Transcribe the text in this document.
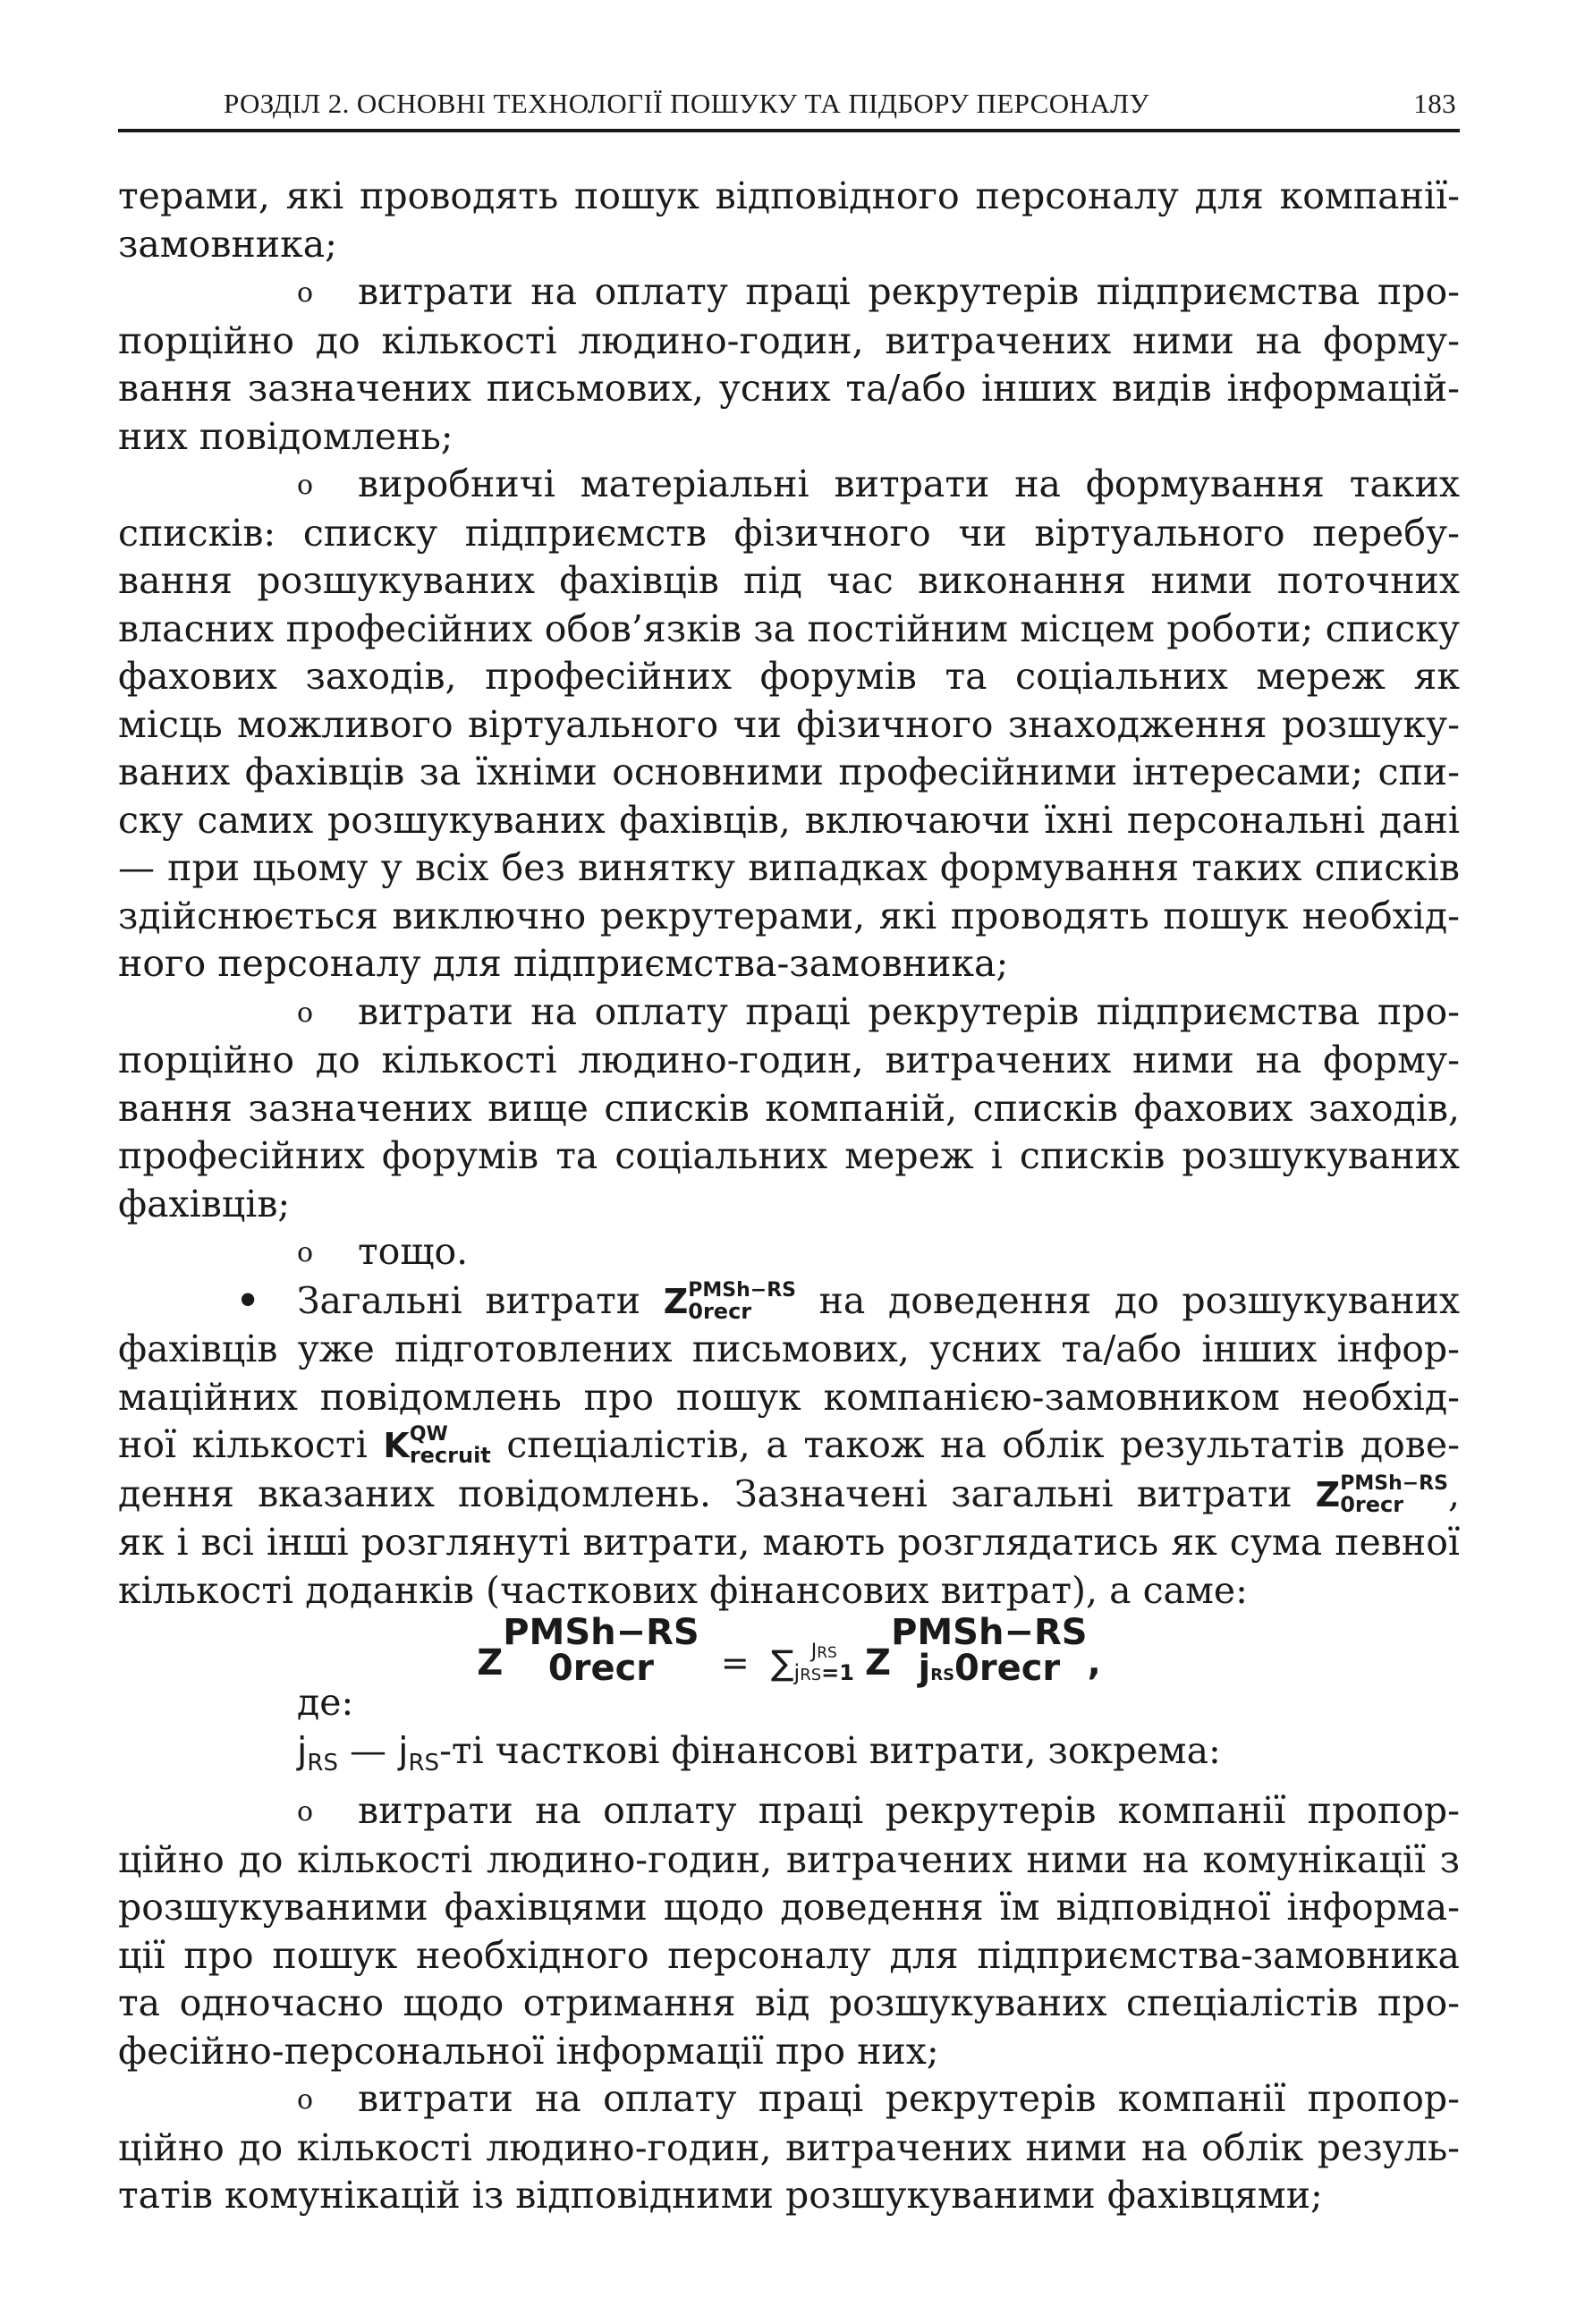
РОЗДІЛ 2. ОСНОВНІ ТЕХНОЛОГІЇ ПОШУКУ ТА ПІДБОРУ ПЕРСОНАЛУ	183

терами, які проводять пошук відповідного персоналу для компанії-

замовника;

o витрати на оплату праці рекрутерів підприємства про-

порційно до кількості людино-годин, витрачених ними на форму-

вання зазначених письмових, усних та/або інших видів інформацій-

них повідомлень;

o виробничі матеріальні витрати на формування таких

списків: списку підприємств фізичного чи віртуального перебу-

вання розшукуваних фахівців під час виконання ними поточних

власних професійних обов’язків за постійним місцем роботи; списку

фахових заходів, професійних форумів та соціальних мереж як

місць можливого віртуального чи фізичного знаходження розшуку-

ваних фахівців за їхніми основними професійними інтересами; спи-

ску самих розшукуваних фахівців, включаючи їхні персональні дані

— при цьому у всіх без винятку випадках формування таких списків

здійснюється виключно рекрутерами, які проводять пошук необхід-

ного персоналу для підприємства-замовника;

o витрати на оплату праці рекрутерів підприємства про-

порційно до кількості людино-годин, витрачених ними на форму-

вання зазначених вище списків компаній, списків фахових заходів,

професійних форумів та соціальних мереж і списків розшукуваних

фахівців;

o тощо.

• Загальні витрати Z PMSh−RS
0recr	на доведення до розшукуваних

фахівців уже підготовлених письмових, усних та/або інших інфор-

маційних повідомлень про пошук компанією-замовником необхід-

ної кількості K QW
recruit спеціалістів, а також на облік результатів дове-

дення вказаних повідомлень. Зазначені загальні витрати Z PMSh−RS
0recr	,

як і всі інші розглянуті витрати, мають розглядатись як сума певної

кількості доданків (часткових фінансових витрат), а саме:

Z
PMSh−RS
0recr	= ∑ JRS
jRS=1 Z
PMSh−RS
jRS0recr ,

де:

jRS — jRS-ті часткові фінансові витрати, зокрема:

o витрати на оплату праці рекрутерів компанії пропор-

ційно до кількості людино-годин, витрачених ними на комунікації з

розшукуваними фахівцями щодо доведення їм відповідної інформа-

ції про пошук необхідного персоналу для підприємства-замовника

та одночасно щодо отримання від розшукуваних спеціалістів про-

фесійно-персональної інформації про них;

o витрати на оплату праці рекрутерів компанії пропор-

ційно до кількості людино-годин, витрачених ними на облік резуль-

татів комунікацій із відповідними розшукуваними фахівцями;
